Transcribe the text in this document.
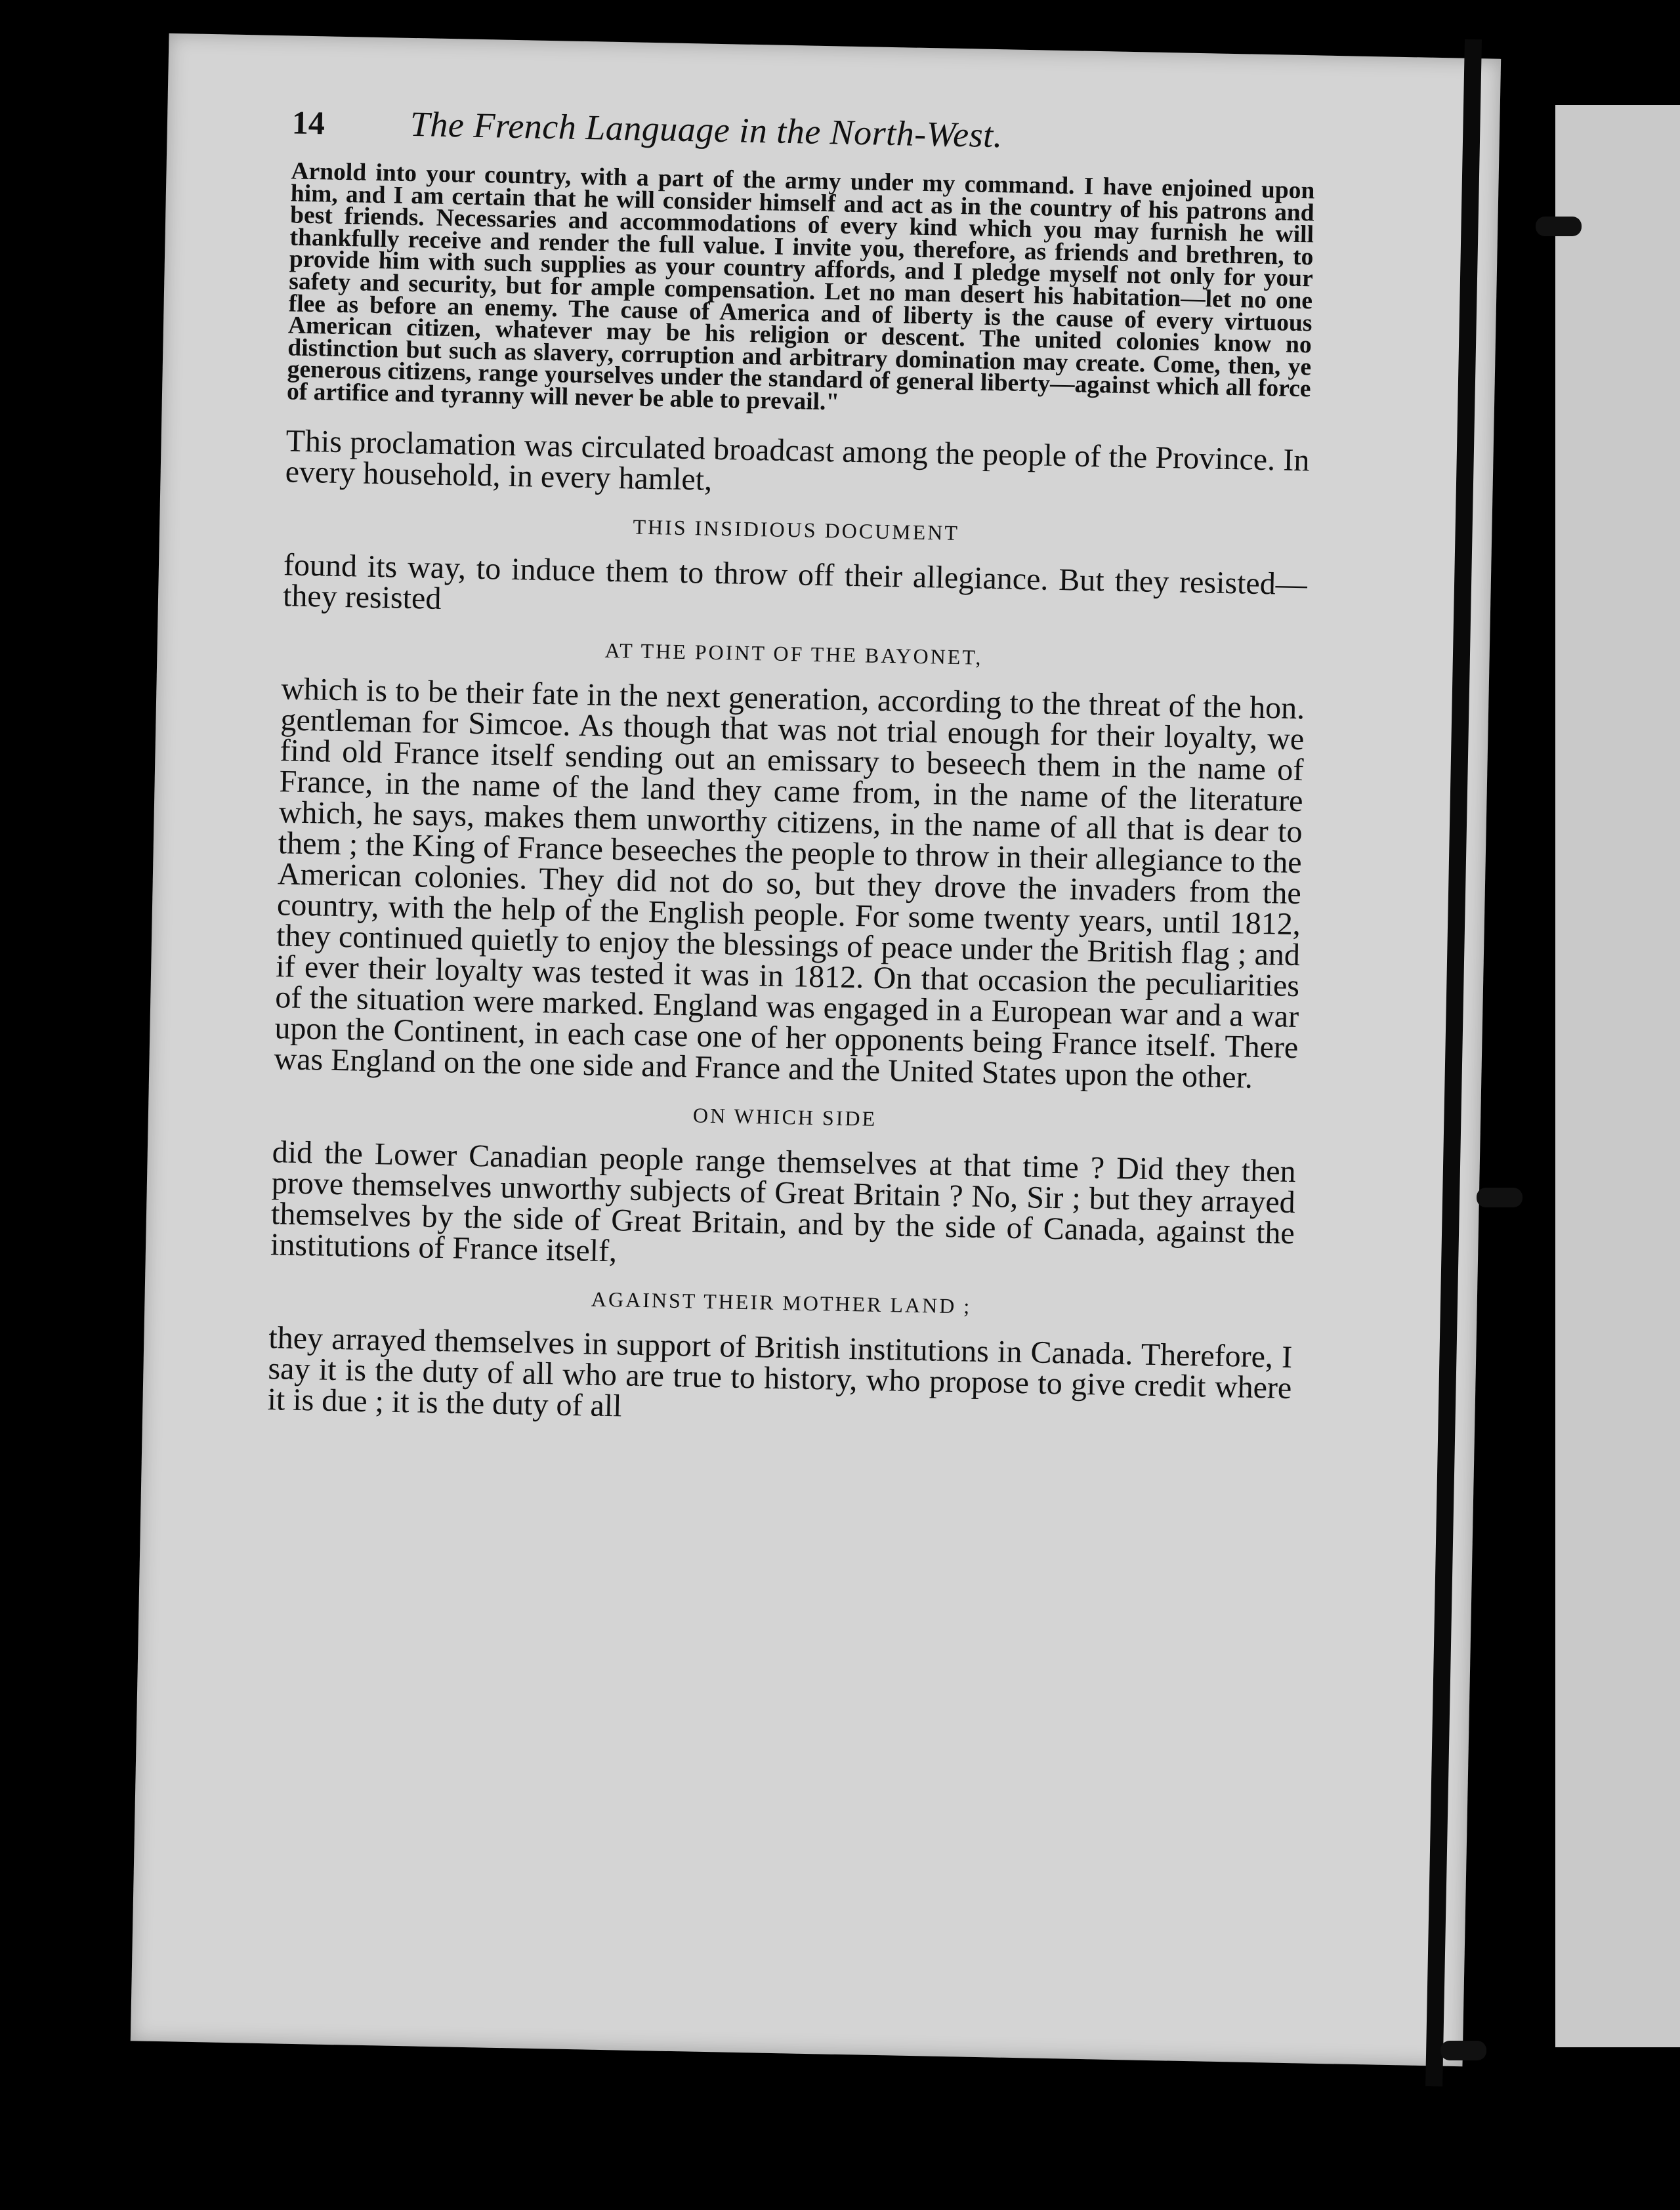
14	The French Language in the North-West.

Arnold into your country, with a part of the army under my command. I have enjoined upon him, and I am certain that he will consider himself and act as in the country of his patrons and best friends. Necessaries and accommodations of every kind which you may furnish he will thankfully receive and render the full value. I invite you, therefore, as friends and brethren, to provide him with such supplies as your country affords, and I pledge myself not only for your safety and security, but for ample compensation. Let no man desert his habitation—let no one flee as before an enemy. The cause of America and of liberty is the cause of every virtuous American citizen, whatever may be his religion or descent. The united colonies know no distinction but such as slavery, corruption and arbitrary domination may create. Come, then, ye generous citizens, range yourselves under the standard of general liberty—against which all force of artifice and tyranny will never be able to prevail."

This proclamation was circulated broadcast among the people of the Province. In every household, in every hamlet,

THIS INSIDIOUS DOCUMENT

found its way, to induce them to throw off their allegiance. But they resisted—they resisted

AT THE POINT OF THE BAYONET,

which is to be their fate in the next generation, according to the threat of the hon. gentleman for Simcoe. As though that was not trial enough for their loyalty, we find old France itself sending out an emissary to beseech them in the name of France, in the name of the land they came from, in the name of the literature which, he says, makes them unworthy citizens, in the name of all that is dear to them ; the King of France beseeches the people to throw in their allegiance to the American colonies. They did not do so, but they drove the invaders from the country, with the help of the English people. For some twenty years, until 1812, they continued quietly to enjoy the blessings of peace under the British flag ; and if ever their loyalty was tested it was in 1812. On that occasion the peculiarities of the situation were marked. England was engaged in a European war and a war upon the Continent, in each case one of her opponents being France itself. There was England on the one side and France and the United States upon the other.

ON WHICH SIDE

did the Lower Canadian people range themselves at that time ? Did they then prove themselves unworthy subjects of Great Britain ? No, Sir ; but they arrayed themselves by the side of Great Britain, and by the side of Canada, against the institutions of France itself,

AGAINST THEIR MOTHER LAND ;

they arrayed themselves in support of British institutions in Canada. Therefore, I say it is the duty of all who are true to history, who propose to give credit where it is due ; it is the duty of all
